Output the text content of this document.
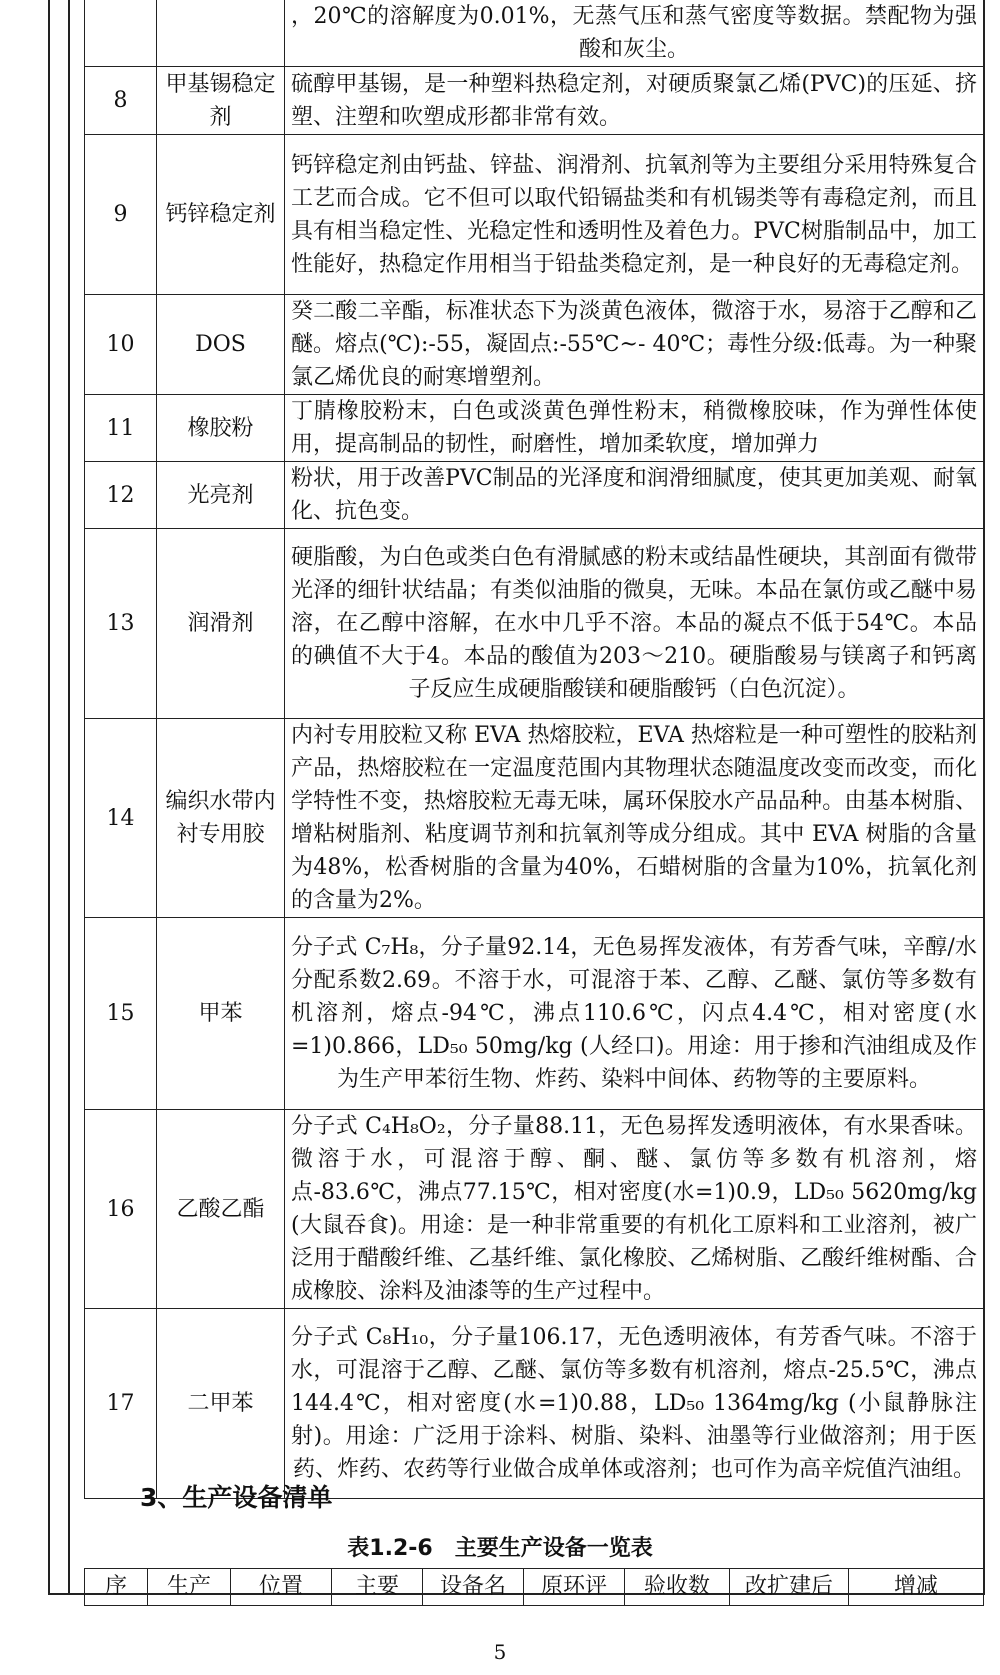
		，20℃的溶解度为0.01%，无蒸气压和蒸气密度等数据。禁配物为强酸和灰尘。
8	甲基锡稳定剂	硫醇甲基锡，是一种塑料热稳定剂，对硬质聚氯乙烯(PVC)的压延、挤塑、注塑和吹塑成形都非常有效。
9	钙锌稳定剂	钙锌稳定剂由钙盐、锌盐、润滑剂、抗氧剂等为主要组分采用特殊复合工艺而合成。它不但可以取代铅镉盐类和有机锡类等有毒稳定剂，而且具有相当稳定性、光稳定性和透明性及着色力。PVC树脂制品中，加工性能好，热稳定作用相当于铅盐类稳定剂，是一种良好的无毒稳定剂。
10	DOS	癸二酸二辛酯，标准状态下为淡黄色液体，微溶于水，易溶于乙醇和乙醚。熔点(℃):-55，凝固点:-55℃~- 40℃；毒性分级:低毒。为一种聚氯乙烯优良的耐寒增塑剂。
11	橡胶粉	丁腈橡胶粉末，白色或淡黄色弹性粉末，稍微橡胶味，作为弹性体使用，提高制品的韧性，耐磨性，增加柔软度，增加弹力
12	光亮剂	粉状，用于改善PVC制品的光泽度和润滑细腻度，使其更加美观、耐氧化、抗色变。
13	润滑剂	硬脂酸，为白色或类白色有滑腻感的粉末或结晶性硬块，其剖面有微带光泽的细针状结晶；有类似油脂的微臭，无味。本品在氯仿或乙醚中易溶，在乙醇中溶解，在水中几乎不溶。本品的凝点不低于54℃。本品的碘值不大于4。本品的酸值为203～210。硬脂酸易与镁离子和钙离子反应生成硬脂酸镁和硬脂酸钙（白色沉淀）。
14	编织水带内衬专用胶	内衬专用胶粒又称 EVA 热熔胶粒，EVA 热熔粒是一种可塑性的胶粘剂产品，热熔胶粒在一定温度范围内其物理状态随温度改变而改变，而化学特性不变，热熔胶粒无毒无味，属环保胶水产品品种。由基本树脂、增粘树脂剂、粘度调节剂和抗氧剂等成分组成。其中 EVA 树脂的含量为48%，松香树脂的含量为40%，石蜡树脂的含量为10%，抗氧化剂的含量为2%。
15	甲苯	分子式 C₇H₈，分子量92.14，无色易挥发液体，有芳香气味，辛醇/水分配系数2.69。不溶于水，可混溶于苯、乙醇、乙醚、氯仿等多数有机溶剂，熔点-94℃，沸点110.6℃，闪点4.4℃，相对密度(水=1)0.866，LD₅₀ 50mg/kg (人经口)。用途：用于掺和汽油组成及作为生产甲苯衍生物、炸药、染料中间体、药物等的主要原料。
16	乙酸乙酯	分子式 C₄H₈O₂，分子量88.11，无色易挥发透明液体，有水果香味。微溶于水，可混溶于醇、酮、醚、氯仿等多数有机溶剂，熔点-83.6℃，沸点77.15℃，相对密度(水=1)0.9，LD₅₀ 5620mg/kg (大鼠吞食)。用途：是一种非常重要的有机化工原料和工业溶剂，被广泛用于醋酸纤维、乙基纤维、氯化橡胶、乙烯树脂、乙酸纤维树酯、合成橡胶、涂料及油漆等的生产过程中。
17	二甲苯	分子式 C₈H₁₀，分子量106.17，无色透明液体，有芳香气味。不溶于水，可混溶于乙醇、乙醚、氯仿等多数有机溶剂，熔点-25.5℃，沸点144.4℃，相对密度(水=1)0.88，LD₅₀ 1364mg/kg (小鼠静脉注射)。用途：广泛用于涂料、树脂、染料、油墨等行业做溶剂；用于医药、炸药、农药等行业做合成单体或溶剂；也可作为高辛烷值汽油组。
3、生产设备清单
表1.2-6　主要生产设备一览表
序	生产	位置	主要	设备名	原环评	验收数	改扩建后	增减
5
